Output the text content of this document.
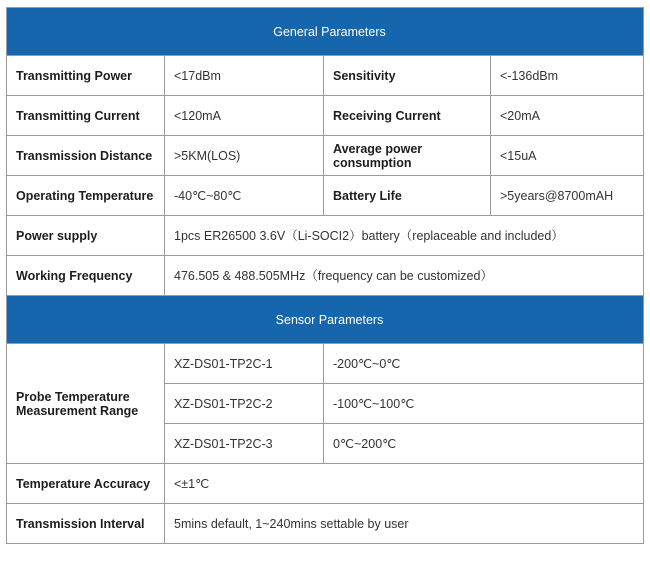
General Parameters			
Transmitting Power	<17dBm	Sensitivity	<-136dBm
Transmitting Current	<120mA	Receiving Current	<20mA
Transmission Distance	>5KM(LOS)	Average power consumption	<15uA
Operating Temperature	-40℃~80℃	Battery Life	>5years@8700mAH
Power supply	1pcs ER26500 3.6V（Li-SOCI2）battery（replaceable and included）		
Working Frequency	476.505 & 488.505MHz（frequency can be customized）		
Sensor Parameters			
Probe Temperature Measurement Range	XZ-DS01-TP2C-1	-200℃~0℃	
	XZ-DS01-TP2C-2	-100℃~100℃	
	XZ-DS01-TP2C-3	0℃~200℃	
Temperature Accuracy	<±1℃		
Transmission Interval	5mins default, 1~240mins settable by user		
